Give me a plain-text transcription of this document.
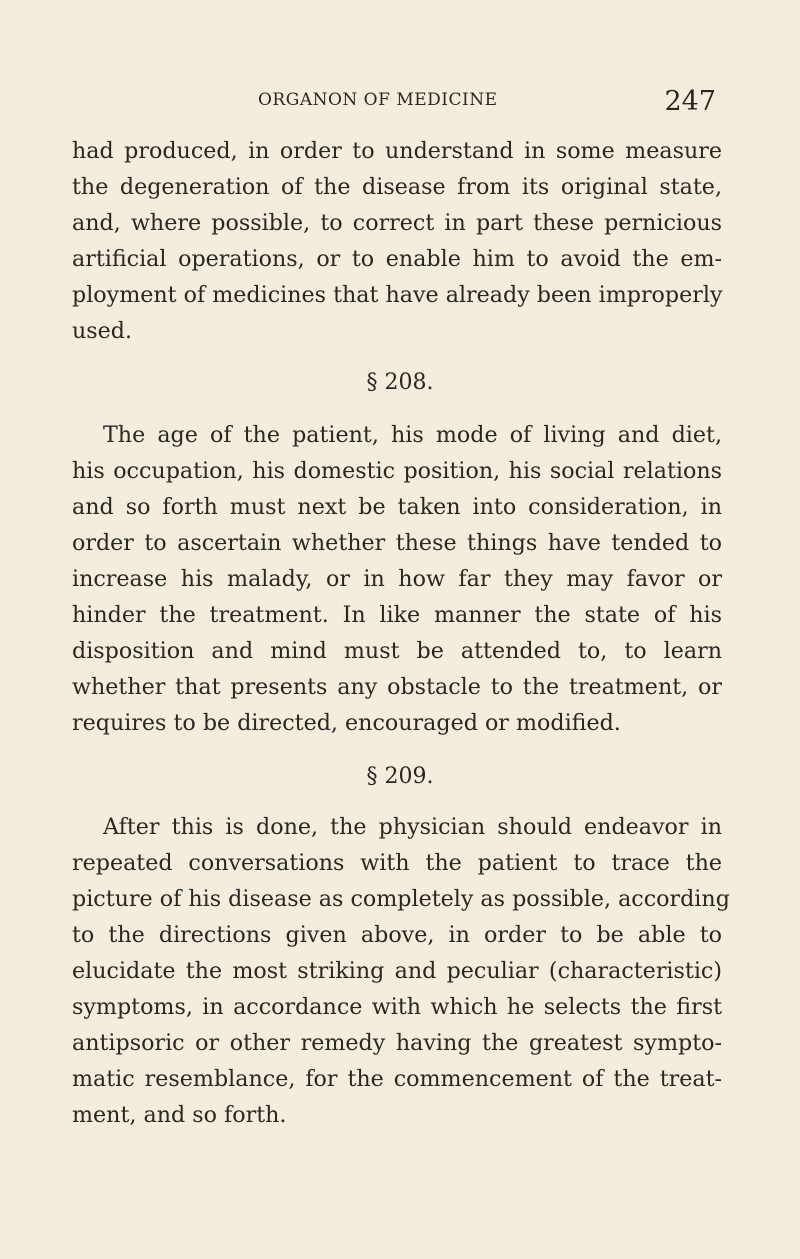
ORGANON OF MEDICINE	247
had produced, in order to understand in some measure
the degeneration of the disease from its original state,
and, where possible, to correct in part these pernicious
artificial operations, or to enable him to avoid the em-
ployment of medicines that have already been improperly
used.
§ 208.
The age of the patient, his mode of living and diet,
his occupation, his domestic position, his social relations
and so forth must next be taken into consideration, in
order to ascertain whether these things have tended to
increase his malady, or in how far they may favor or
hinder the treatment. In like manner the state of his
disposition and mind must be attended to, to learn
whether that presents any obstacle to the treatment, or
requires to be directed, encouraged or modified.
§ 209.
After this is done, the physician should endeavor in
repeated conversations with the patient to trace the
picture of his disease as completely as possible, according
to the directions given above, in order to be able to
elucidate the most striking and peculiar (characteristic)
symptoms, in accordance with which he selects the first
antipsoric or other remedy having the greatest sympto-
matic resemblance, for the commencement of the treat-
ment, and so forth.
